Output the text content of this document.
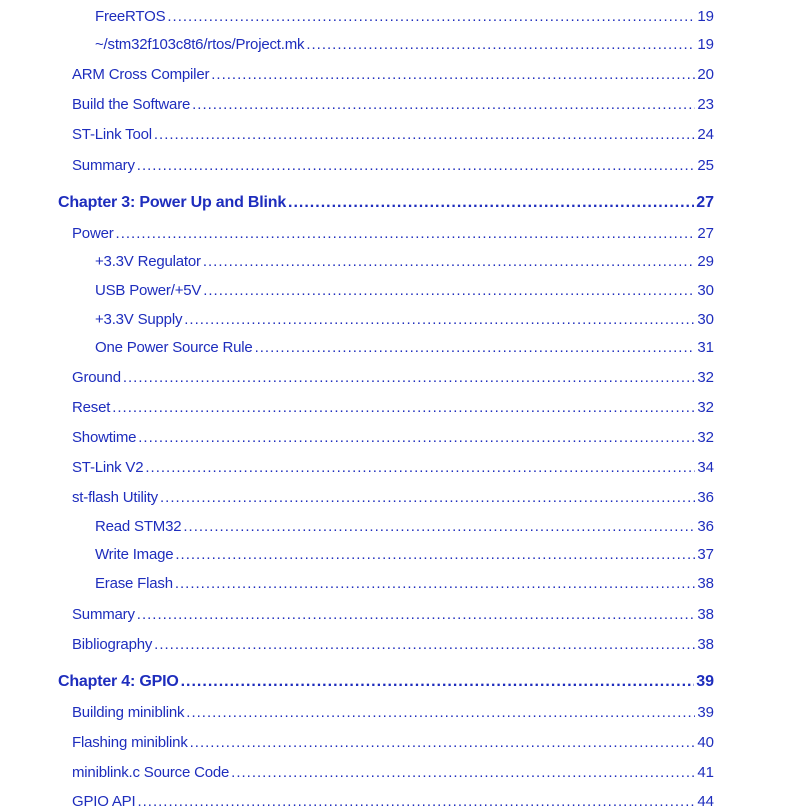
FreeRTOS .....	19
~/stm32f103c8t6/rtos/Project.mk .....	19
ARM Cross Compiler .....	20
Build the Software .....	23
ST-Link Tool .....	24
Summary .....	25
Chapter 3: Power Up and Blink .....	27
Power .....	27
+3.3V Regulator .....	29
USB Power/+5V .....	30
+3.3V Supply .....	30
One Power Source Rule .....	31
Ground .....	32
Reset .....	32
Showtime .....	32
ST-Link V2 .....	34
st-flash Utility .....	36
Read STM32 .....	36
Write Image .....	37
Erase Flash .....	38
Summary .....	38
Bibliography .....	38
Chapter 4: GPIO .....	39
Building miniblink .....	39
Flashing miniblink .....	40
miniblink.c Source Code .....	41
GPIO API .....	44
